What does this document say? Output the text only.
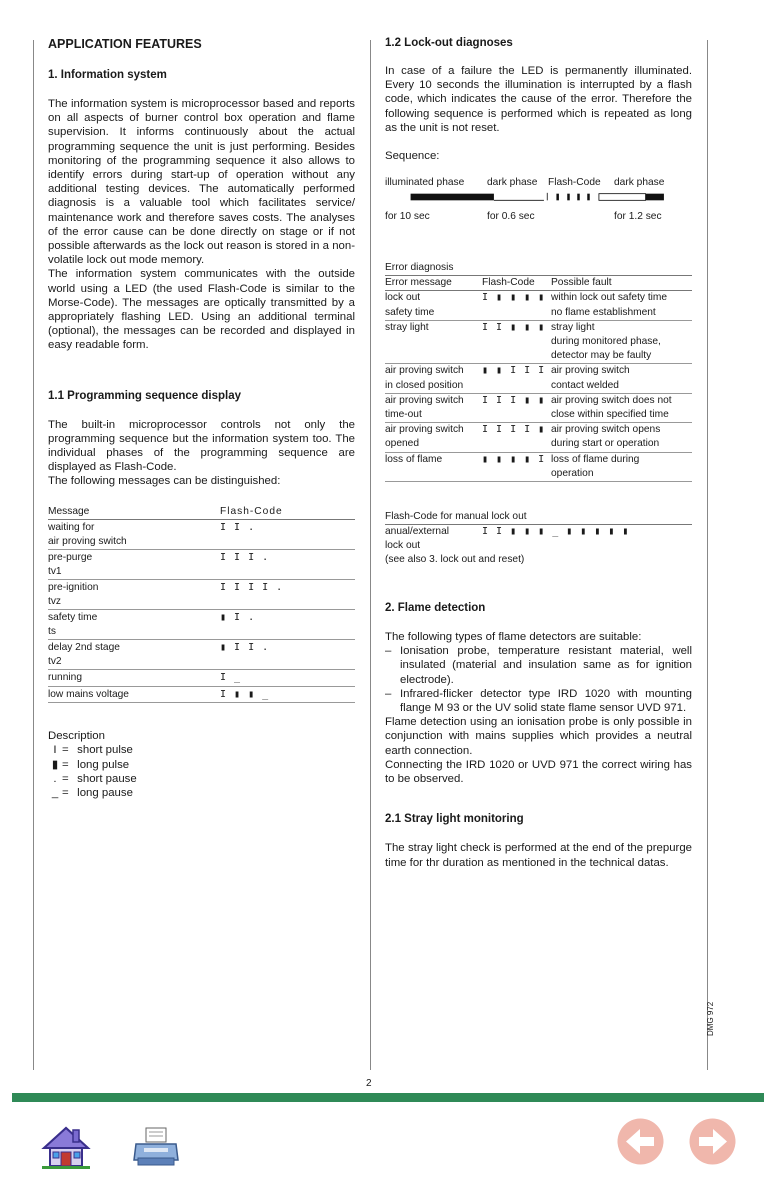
APPLICATION FEATURES
1. Information system

The information system is microprocessor based and reports on all aspects of burner control box operation and flame supervision. It informs continuously about the actual programming sequence the unit is just performing. Besides monitoring of the programming sequence it also allows to identify errors during start-up of operation without any additional testing devices. The automatically performed diagnosis is a valuable tool which facilitates service/ maintenance work and therefore saves costs. The analyses of the error cause can be done directly on stage or if not possible afterwards as the lock out reason is stored in a non-volatile lock out mode memory.

The information system communicates with the outside world using a LED (the used Flash-Code is similar to the Morse-Code). The messages are optically transmitted by a appropriately flashing LED. Using an additional terminal (optional), the messages can be recorded and displayed in easy readable form.

1.1 Programming sequence display

The built-in microprocessor controls not only the programming sequence but the information system too. The individual phases of the programming sequence are displayed as Flash-Code.

The following messages can be distinguished:

Message	Flash-Code
waiting for
air proving switch
I I .
pre-purge
tv1
I I I .
pre-ignition
tvz
I I I I .
safety time
ts
▮ I .
delay 2nd stage
tv2
▮ I I .
running	I _
low mains voltage	I ▮ ▮ _
Description
I =
short pulse
▮ =
long pulse
. =
short pause
_ =
long pause
1.2 Lock-out diagnoses

In case of a failure the LED is permanently illuminated. Every 10 seconds the illumination is interrupted by a flash code, which indicates the cause of the error. Therefore the following sequence is performed which is repeated as long as the unit is not reset.

Sequence:

illuminated phase dark phase Flash-Code dark phase
for 10 sec	for 0.6 sec	for 1.2 sec
Error diagnosis
Error message	Flash-Code	Possible fault
lock out
safety time
I ▮ ▮ ▮ ▮ within lock out safety time
no flame establishment
stray light	I I ▮ ▮ ▮ stray light
during monitored phase,
detector may be faulty
air proving switch
in closed position
▮ ▮ I I I air proving switch
contact welded
air proving switch
time-out
I I I ▮ ▮ air proving switch does not
close within specified time
air proving switch
opened
I I I I ▮ air proving switch opens
during start or operation
loss of flame	▮ ▮ ▮ ▮ I loss of flame during
operation
Flash-Code for manual lock out
anual/external	I I ▮ ▮ ▮ _ ▮ ▮ ▮ ▮ ▮
lock out
(see also 3. lock out and reset)
2. Flame detection

The following types of flame detectors are suitable:

– Ionisation probe, temperature resistant material, well insulated (material and insulation same as for ignition electrode).
– Infrared-flicker detector type IRD 1020 with mounting flange M 93 or the UV solid state flame sensor UVD 971.

Flame detection using an ionisation probe is only possible in conjunction with mains supplies which provides a neutral earth connection.

Connecting the IRD 1020 or UVD 971 the correct wiring has to be observed.

2.1 Stray light monitoring

The stray light check is performed at the end of the prepurge time for thr duration as mentioned in the technical datas.

DMG 972
2
